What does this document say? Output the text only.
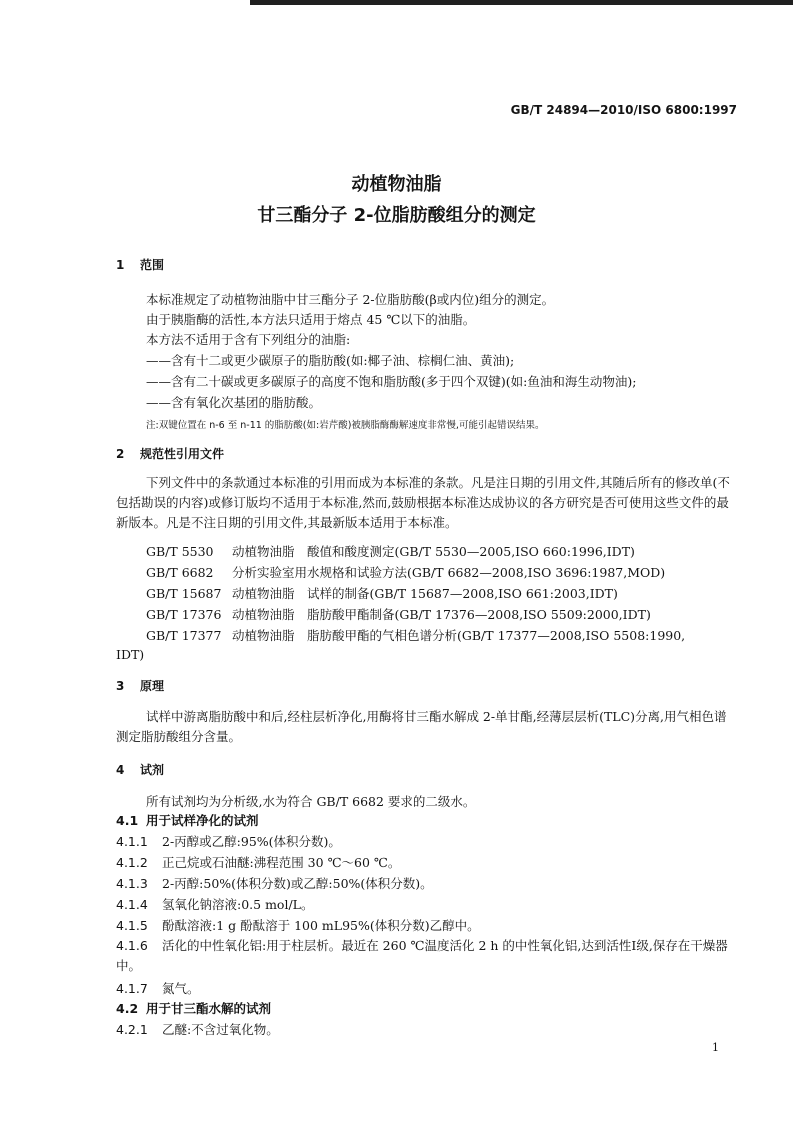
GB/T 24894—2010/ISO 6800:1997
动植物油脂
甘三酯分子 2-位脂肪酸组分的测定
1 范围
本标准规定了动植物油脂中甘三酯分子 2-位脂肪酸(β或内位)组分的测定。
由于胰脂酶的活性,本方法只适用于熔点 45 ℃以下的油脂。
本方法不适用于含有下列组分的油脂:
——含有十二或更少碳原子的脂肪酸(如:椰子油、棕榈仁油、黄油);
——含有二十碳或更多碳原子的高度不饱和脂肪酸(多于四个双键)(如:鱼油和海生动物油);
——含有氧化次基团的脂肪酸。
注:双键位置在 n-6 至 n-11 的脂肪酸(如:岩芹酸)被胰脂酶酶解速度非常慢,可能引起错误结果。
2 规范性引用文件
下列文件中的条款通过本标准的引用而成为本标准的条款。凡是注日期的引用文件,其随后所有的修改单(不包括勘误的内容)或修订版均不适用于本标准,然而,鼓励根据本标准达成协议的各方研究是否可使用这些文件的最新版本。凡是不注日期的引用文件,其最新版本适用于本标准。
GB/T 5530 动植物油脂　酸值和酸度测定(GB/T 5530—2005,ISO 660:1996,IDT)
GB/T 6682 分析实验室用水规格和试验方法(GB/T 6682—2008,ISO 3696:1987,MOD)
GB/T 15687 动植物油脂　试样的制备(GB/T 15687—2008,ISO 661:2003,IDT)
GB/T 17376 动植物油脂　脂肪酸甲酯制备(GB/T 17376—2008,ISO 5509:2000,IDT)
GB/T 17377 动植物油脂　脂肪酸甲酯的气相色谱分析(GB/T 17377—2008,ISO 5508:1990,
IDT)
3 原理
试样中游离脂肪酸中和后,经柱层析净化,用酶将甘三酯水解成 2-单甘酯,经薄层层析(TLC)分离,用气相色谱测定脂肪酸组分含量。
4 试剂
所有试剂均为分析级,水为符合 GB/T 6682 要求的二级水。
4.1 用于试样净化的试剂
4.1.1 2-丙醇或乙醇:95%(体积分数)。
4.1.2 正己烷或石油醚:沸程范围 30 ℃～60 ℃。
4.1.3 2-丙醇:50%(体积分数)或乙醇:50%(体积分数)。
4.1.4 氢氧化钠溶液:0.5 mol/L。
4.1.5 酚酞溶液:1 g 酚酞溶于 100 mL95%(体积分数)乙醇中。
4.1.6 活化的中性氧化铝:用于柱层析。最近在 260 ℃温度活化 2 h 的中性氧化铝,达到活性Ⅰ级,保存在干燥器中。
4.1.7 氮气。
4.2 用于甘三酯水解的试剂
4.2.1 乙醚:不含过氧化物。
1
